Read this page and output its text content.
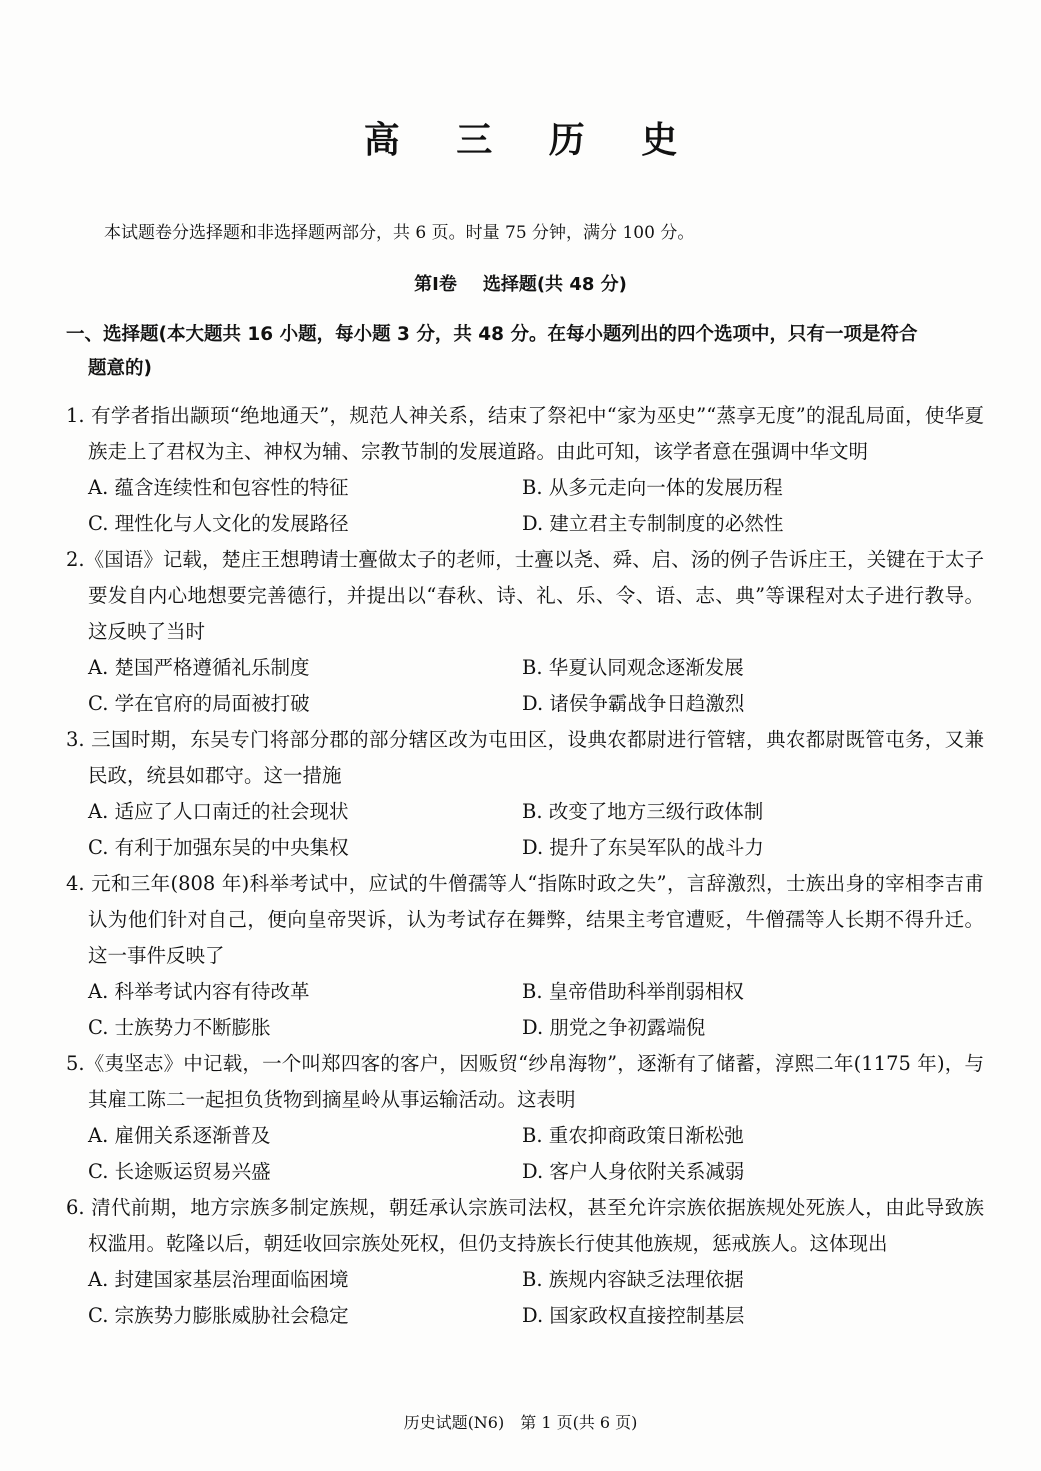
高 三 历 史
本试题卷分选择题和非选择题两部分，共 6 页。时量 75 分钟，满分 100 分。
第Ⅰ卷 选择题(共 48 分)
一、选择题(本大题共 16 小题，每小题 3 分，共 48 分。在每小题列出的四个选项中，只有一项是符合
题意的)
1. 有学者指出颛顼“绝地通天”，规范人神关系，结束了祭祀中“家为巫史”“蒸享无度”的混乱局面，使华夏族走上了君权为主、神权为辅、宗教节制的发展道路。由此可知，该学者意在强调中华文明
A. 蕴含连续性和包容性的特征	B. 从多元走向一体的发展历程
C. 理性化与人文化的发展路径	D. 建立君主专制制度的必然性
2.《国语》记载，楚庄王想聘请士亹做太子的老师，士亹以尧、舜、启、汤的例子告诉庄王，关键在于太子要发自内心地想要完善德行，并提出以“春秋、诗、礼、乐、令、语、志、典”等课程对太子进行教导。这反映了当时
A. 楚国严格遵循礼乐制度	B. 华夏认同观念逐渐发展
C. 学在官府的局面被打破	D. 诸侯争霸战争日趋激烈
3. 三国时期，东吴专门将部分郡的部分辖区改为屯田区，设典农都尉进行管辖，典农都尉既管屯务，又兼民政，统县如郡守。这一措施
A. 适应了人口南迁的社会现状	B. 改变了地方三级行政体制
C. 有利于加强东吴的中央集权	D. 提升了东吴军队的战斗力
4. 元和三年(808 年)科举考试中，应试的牛僧孺等人“指陈时政之失”，言辞激烈，士族出身的宰相李吉甫认为他们针对自己，便向皇帝哭诉，认为考试存在舞弊，结果主考官遭贬，牛僧孺等人长期不得升迁。这一事件反映了
A. 科举考试内容有待改革	B. 皇帝借助科举削弱相权
C. 士族势力不断膨胀	D. 朋党之争初露端倪
5.《夷坚志》中记载，一个叫郑四客的客户，因贩贸“纱帛海物”，逐渐有了储蓄，淳熙二年(1175 年)，与其雇工陈二一起担负货物到摘星岭从事运输活动。这表明
A. 雇佣关系逐渐普及	B. 重农抑商政策日渐松弛
C. 长途贩运贸易兴盛	D. 客户人身依附关系减弱
6. 清代前期，地方宗族多制定族规，朝廷承认宗族司法权，甚至允许宗族依据族规处死族人，由此导致族权滥用。乾隆以后，朝廷收回宗族处死权，但仍支持族长行使其他族规，惩戒族人。这体现出
A. 封建国家基层治理面临困境	B. 族规内容缺乏法理依据
C. 宗族势力膨胀威胁社会稳定	D. 国家政权直接控制基层
历史试题(N6)　第 1 页(共 6 页)
